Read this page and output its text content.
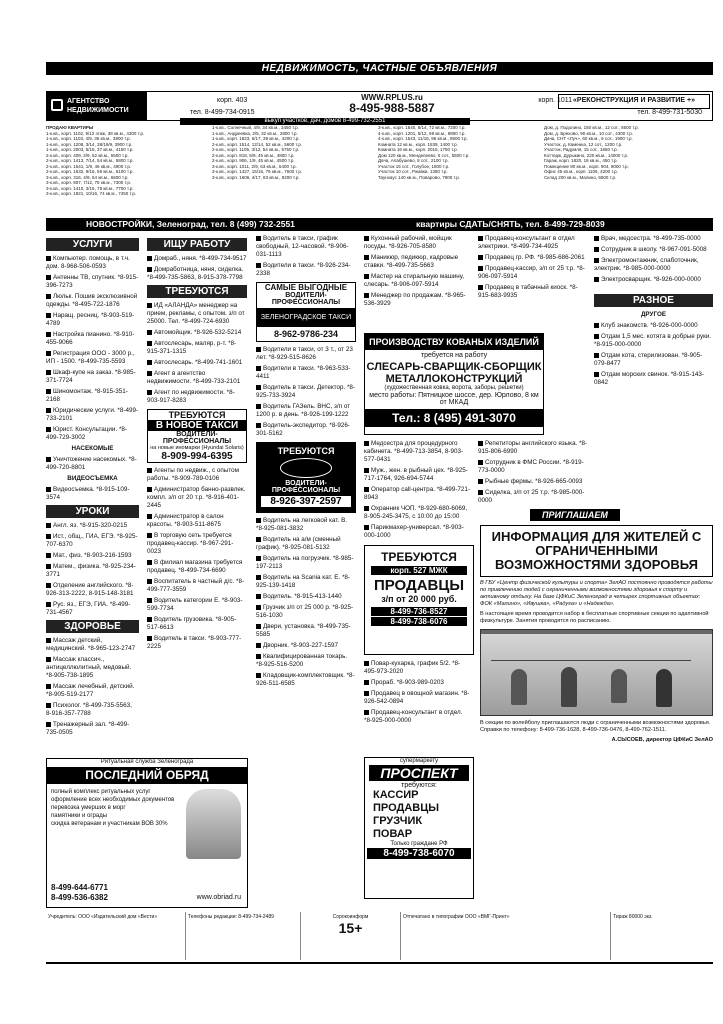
НЕДВИЖИМОСТЬ, ЧАСТНЫЕ ОБЪЯВЛЕНИЯ
АГЕНТСТВО
НЕДВИЖИМОСТИ
корп. 403	WWW.RPLUS.ru
8-495-988-5887
корп. 1011 «РЕКОНСТРУКЦИЯ И РАЗВИТИЕ +»
тел. 8-499-734-0915	тел. 8-499-731-5030
выкуп участков, дач, домов 8-499-732-2551
ПРОДАЮ КВАРТИРЫ
1-к.кв., корп. 1102, 9/12 этаж, 38 кв.м., 4300 т.р.
1-к.кв., корп. 1103, 4/9, 36 кв.м., 3800 т.р.
1-к.кв., корп. 1208, 3/14, 38/19/9, 3900 т.р.
1-к.кв., корп. 2003, 5/16, 37 кв.м., 4150 т.р.
2-к.кв., корп. 409, 2/9, 52 кв.м., 5500 т.р.
2-к.кв., корп. 1413, 7/14, 54 кв.м., 5800 т.р.
2-к.кв., корп. 1541, 1/9, 46 кв.м., 4900 т.р.
2-к.кв., корп. 1632, 9/16, 56 кв.м., 6100 т.р.
3-к.кв., корп. 316, 4/9, 64 кв.м., 6600 т.р.
3-к.кв., корп. 907, 7/12, 75 кв.м., 7300 т.р.
3-к.кв., корп. 1410, 3/16, 78 кв.м., 7700 т.р.
3-к.кв., корп. 1821, 10/16, 74 кв.м., 7450 т.р.
1-к.кв., Солнечный, 4/9, 34 кв.м., 3450 т.р.
1-к.кв., Андреевка, 2/5, 32 кв.м., 2800 т.р.
1-к.кв., корп. 1823, 6/17, 39 кв.м., 4200 т.р.
2-к.кв., корп. 1514, 12/14, 52 кв.м., 5600 т.р.
2-к.кв., корп. 1105, 3/12, 54 кв.м., 5750 т.р.
2-к.кв., корп. 818, 5/9, 45 кв.м., 4800 т.р.
2-к.кв., корп. 906, 1/9, 45 кв.м., 4500 т.р.
3-к.кв., корп. 1011, 2/9, 63 кв.м., 6400 т.р.
3-к.кв., корп. 1427, 15/16, 76 кв.м., 7600 т.р.
3-к.кв., корп. 1606, 4/17, 83 кв.м., 8200 т.р.
3-к.кв., корп. 1640, 8/14, 72 кв.м., 7200 т.р.
4-к.кв., корп. 1201, 5/12, 98 кв.м., 9800 т.р.
4-к.кв., корп. 1543, 11/16, 96 кв.м., 9500 т.р.
Комната 12 кв.м., корп. 1539, 1400 т.р.
Комната 16 кв.м., корп. 2015, 1750 т.р.
Дом 120 кв.м., Менделеево, 6 сот., 5500 т.р.
Дача, Алабушево, 8 сот., 2100 т.р.
Участок 15 сот., Голубое, 1800 т.р.
Участок 10 сот., Ржавки, 1350 т.р.
Таунхаус 140 кв.м., Поварово, 7900 т.р.
Дом, д. Подолино, 150 кв.м., 12 сот., 8500 т.р.
Дом, д. Брехово, 90 кв.м., 10 сот., 4300 т.р.
Дача, СНТ «Луч», 60 кв.м., 6 сот., 1900 т.р.
Участок, д. Каменка, 12 сот., 1200 т.р.
Участок, Радумля, 15 сот., 1650 т.р.
Коттедж, Дурыкино, 220 кв.м., 14000 т.р.
Гараж, корп. 1820, 18 кв.м., 450 т.р.
Помещение 80 кв.м., корп. 904, 9000 т.р.
Офис 45 кв.м., корп. 1106, 4200 т.р.
Склад 200 кв.м., Малино, 6500 т.р.
НОВОСТРОЙКИ, Зеленоград, тел. 8 (499) 732-2551	квартиры СДАТЬ/СНЯТЬ, тел. 8-499-729-8039
УСЛУГИ
Компьютер. помощь, в т.ч. дом. 8-968-506-0593
Антенны ТВ, спутник. *8-915-396-7273
Люльк. Пошив эксклюзивной одежды. *8-495-722-1876
Наращ. ресниц. *8-903-519-4789
Настройка пианино. *8-910-455-9066
Регистрация ООО - 3000 р., ИП - 1500. *8-499-735-5593
Шкаф-купе на заказ. *8-985-371-7724
Шиномонтаж. *8-915-351-2168
Юридические услуги. *8-499-733-2101
Юрист. Консультации. *8-499-729-3002
НАСЕКОМЫЕ
Уничтожение насекомых. *8-499-720-8801
ВИДЕОСЪЕМКА
Видеосъемка. *8-915-109-3574
УРОКИ
Англ. яз. *8-915-320-0215
Ист., общ., ГИА, ЕГЭ. *8-925-707-6370
Мат., физ. *8-903-216-1593
Матем., физика. *8-925-234-3771
Отделение английского. *8-926-313-2222, 8-915-148-3181
Рус. яз., ЕГЭ, ГИА. *8-499-731-4567
ЗДОРОВЬЕ
Массаж детский, медицинский. *8-965-123-2747
Массаж классич., антицеллюлитный, медовый. *8-905-738-1895
Массаж лечебный, детский. *8-905-519-2177
Психолог. *8-499-735-5563, 8-916-357-7788
Тренажерный зал. *8-499-735-0505
Ритуальная служба Зеленограда
ПОСЛЕДНИЙ ОБРЯД
полный комплекс ритуальных услуг
оформление всех необходимых документов
перевозка умерших в морг
памятники и ограды
скидка ветеранам и участникам ВОВ 30%
8-499-644-6771
8-499-536-6382	www.obriad.ru
ИЩУ РАБОТУ
Домраб., няня. *8-499-734-9517
Домработница, няня, сиделка. *8-499-735-5863, 8-915-378-7798
ТРЕБУЮТСЯ
ИД «АЛАНДА» менеджер на прием, рекламы, с опытом. з/п от 25000. Тел. *8-499-724-6930
Автомойщик. *8-926-532-5214
Автослесарь, маляр, р-т. *8-915-371-1315
Автослесарь. *8-499-741-1601
Агент в агентство недвижимости. *8-499-733-2101
Агент по недвижимости. *8-903-917-8283
ТРЕБУЮТСЯ
В НОВОЕ ТАКСИ
ВОДИТЕЛИ-ПРОФЕССИОНАЛЫ
на новые иномарки (Hyundai Solaris)
8-909-994-6395
Агенты по недвиж., с опытом работы. *8-909-789-0106
Администратор банно-развлек. компл. з/п от 20 т.р. *8-916-401-2445
Администратор в салон красоты. *8-903-511-8675
В торговую сеть требуется продавец-кассир. *8-967-291-0023
В филиал магазина требуется продавец. *8-499-734-6690
Воспитатель в частный д/с. *8-499-777-3559
Водитель категории Е. *8-903-599-7734
Водитель грузовика. *8-905-517-6613
Водитель в такси. *8-903-777-2225
Водитель в такси, график свободный, 12-часовой. *8-906-031-1113
Водители в такси. *8-926-234-2338
САМЫЕ ВЫГОДНЫЕ
ВОДИТЕЛИ-ПРОФЕССИОНАЛЫ
ЗЕЛЕНОГРАДСКОЕ ТАКСИ
8-962-9786-234
Водители в такси, от 3 т., от 23 лет. *8-929-515-8626
Водители в такси. *8-963-533-4411
Водитель в такси. Детектор. *8-925-733-3924
Водитель ГАЗель. ВНС, з/п от 1200 р. в день. *8-926-199-1222
Водитель-экспедитор. *8-926-301-5162
ТРЕБУЮТСЯ
ВОДИТЕЛИ-ПРОФЕССИОНАЛЫ
8-926-397-2597
Водитель на легковой кат. В. *8-925-081-3832
Водитель на а/м (сменный график). *8-925-081-5132
Водитель на погрузчик. *8-985-197-2113
Водитель на Scania кат. Е. *8-925-139-1418
Водитель. *8-915-413-1440
Грузчик з/п от 25 000 р. *8-925-516-1030
Двери, установка. *8-499-735-5585
Дворник. *8-903-227-1597
Квалифицированная токарь. *8-925-516-5200
Кладовщик-комплектовщик. *8-926-511-6585
Кухонный рабочий, мойщик посуды. *8-926-705-8580
Маникюр, педикюр, кадровые ставки. *8-499-735-5663
Мастер на стиральную машину, слесарь. *8-906-097-5914
Менеджер по продажам. *8-965-536-3929
Продавец-консультант в отдел электрики. *8-499-734-4925
Продавец гр. РФ. *8-985-686-2061
Продавец-кассир, з/п от 25 т.р. *8-906-097-5914
Продавец в табачный киоск. *8-915-683-9935
Врач, медсестра. *8-499-735-0000
Сотрудник в школу. *8-967-091-5008
Электромонтажник, слаботочник, электрик. *8-985-000-0000
Электросварщик. *8-926-000-0000
РАЗНОЕ
ДРУГОЕ
Клуб знакомств. *8-926-000-0000
Отдам 1,5 мес. котята в добрые руки. *8-915-000-0000
Отдам кота, стерилизован. *8-905-079-8477
Отдам морских свинок. *8-915-143-0842
ПРОИЗВОДСТВУ КОВАНЫХ ИЗДЕЛИЙ
требуется на работу
СЛЕСАРЬ-СВАРЩИК-СБОРЩИК МЕТАЛЛОКОНСТРУКЦИЙ
(художественная ковка, ворота, заборы, решетки)
место работы: Пятницкое шоссе, дер. Юрлово, 8 км от МКАД
Тел.: 8 (495) 491-3070
Медсестра для процедурного кабинета. *8-499-713-3854, 8-903-577-0431
Муж., жен. в рыбный цех. *8-925-717-1764, 926-694-5744
Оператор call-центра. *8-499-721-8943
Охранник ЧОП. *8-929-680-6069, 8-905-245-3475, с 10:00 до 15:00
Парикмахер-универсал. *8-903-000-1000
Репетиторы английского языка. *8-915-806-6990
Сотрудник в ФМС России. *8-919-773-0000
Рыбные фермы. *8-926-665-0093
Сиделка, з/п от 25 т.р. *8-985-000-0000
ТРЕБУЮТСЯ
корп. 527 МЖК
ПРОДАВЦЫ
з/п от 20 000 руб.
8-499-736-8527
8-499-738-6076
Повар-кухарка, график 5/2. *8-495-973-2020
Прораб. *8-903-989-0203
Продавец в овощной магазин. *8-926-542-0894
Продавец-консультант в отдел. *8-925-000-0000
супермаркету
ПРОСПЕКТ
требуются:
КАССИР
ПРОДАВЦЫ
ГРУЗЧИК
ПОВАР
Только граждане РФ
8-499-738-6070
ПРИГЛАШАЕМ
ИНФОРМАЦИЯ ДЛЯ ЖИТЕЛЕЙ С ОГРАНИЧЕННЫМИ ВОЗМОЖНОСТЯМИ ЗДОРОВЬЯ
В ГБУ «Центр физической культуры и спорта» ЗелАО постоянно проводятся работы по привлечению людей с ограниченными возможностями здоровья к спорту и активному отдыху. На базе ЦФКиС Зеленоград в четырех спортивных объектах: ФОК «Малино», «Ивушка», «Радуга» и «Надежда».
В настоящее время проводится набор в бесплатные спортивные секции по адаптивной физкультуре. Занятия проводятся по расписанию.
В секции по волейболу приглашаются люди с ограниченными возможностями здоровья. Справки по телефону: 8-499-736-1628, 8-499-736-0476, 8-499-762-1511.
А.СЫСОЕВ, директор ЦФКиС ЗелАО
Учредитель: ООО «Издательский дом «Вести»	Телефоны редакции: 8-499-734-2489	Сорокоинформ
15+
Отпечатано в типографии ООО «ВМГ-Принт»	Тираж 80000 экз.
